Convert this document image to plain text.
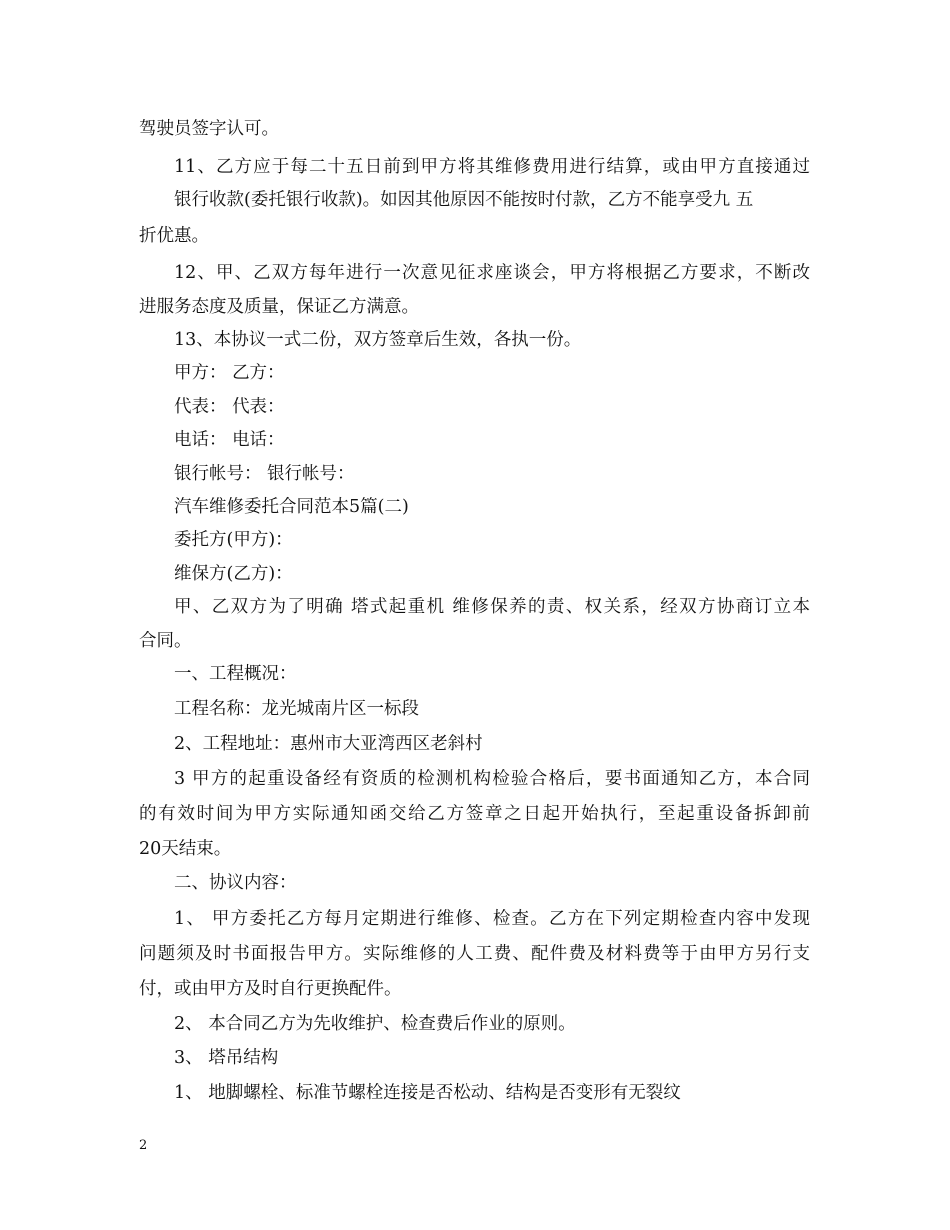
驾驶员签字认可。
11、乙方应于每二十五日前到甲方将其维修费用进行结算，或由甲方直接通过
银行收款(委托银行收款)。如因其他原因不能按时付款，乙方不能享受九 五
折优惠。
12、甲、乙双方每年进行一次意见征求座谈会，甲方将根据乙方要求，不断改
进服务态度及质量，保证乙方满意。
13、本协议一式二份，双方签章后生效，各执一份。
甲方： 乙方：
代表： 代表：
电话： 电话：
银行帐号： 银行帐号：
汽车维修委托合同范本5篇(二)
委托方(甲方)：
维保方(乙方)：
甲、乙双方为了明确 塔式起重机 维修保养的责、权关系，经双方协商订立本
合同。
一、工程概况：
工程名称：龙光城南片区一标段
2、工程地址：惠州市大亚湾西区老斜村
3 甲方的起重设备经有资质的检测机构检验合格后，要书面通知乙方，本合同
的有效时间为甲方实际通知函交给乙方签章之日起开始执行，至起重设备拆卸前
20天结束。
二、协议内容：
1、 甲方委托乙方每月定期进行维修、检查。乙方在下列定期检查内容中发现
问题须及时书面报告甲方。实际维修的人工费、配件费及材料费等于由甲方另行支
付，或由甲方及时自行更换配件。
2、 本合同乙方为先收维护、检查费后作业的原则。
3、 塔吊结构
1、 地脚螺栓、标准节螺栓连接是否松动、结构是否变形有无裂纹
2
